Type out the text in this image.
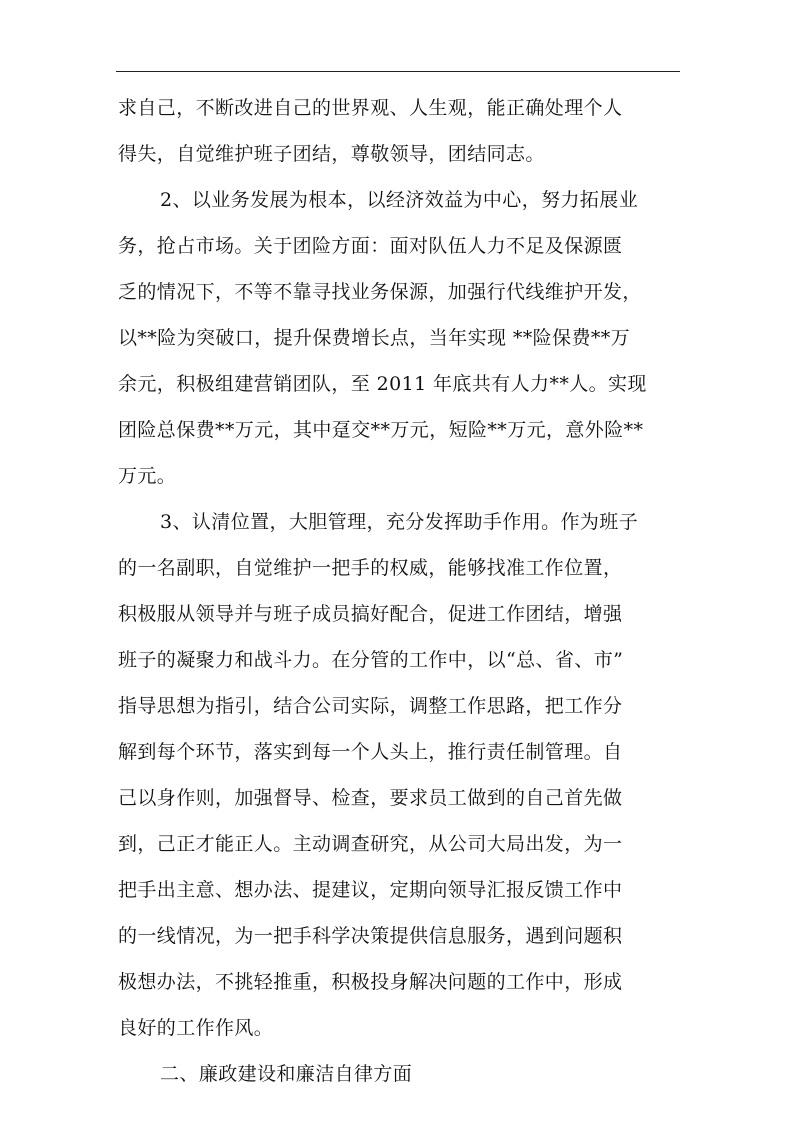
求自己，不断改进自己的世界观、人生观，能正确处理个人
得失，自觉维护班子团结，尊敬领导，团结同志。
2、以业务发展为根本，以经济效益为中心，努力拓展业
务，抢占市场。关于团险方面：面对队伍人力不足及保源匮
乏的情况下，不等不靠寻找业务保源，加强行代线维护开发，
以**险为突破口，提升保费增长点，当年实现 **险保费**万
余元，积极组建营销团队，至 2011 年底共有人力**人。实现
团险总保费**万元，其中趸交**万元，短险**万元，意外险**
万元。
3、认清位置，大胆管理，充分发挥助手作用。作为班子
的一名副职，自觉维护一把手的权威，能够找准工作位置，
积极服从领导并与班子成员搞好配合，促进工作团结，增强
班子的凝聚力和战斗力。在分管的工作中，以“总、省、市”
指导思想为指引，结合公司实际，调整工作思路，把工作分
解到每个环节，落实到每一个人头上，推行责任制管理。自
己以身作则，加强督导、检查，要求员工做到的自己首先做
到，己正才能正人。主动调查研究，从公司大局出发，为一
把手出主意、想办法、提建议，定期向领导汇报反馈工作中
的一线情况，为一把手科学决策提供信息服务，遇到问题积
极想办法，不挑轻推重，积极投身解决问题的工作中，形成
良好的工作作风。
二、廉政建设和廉洁自律方面
